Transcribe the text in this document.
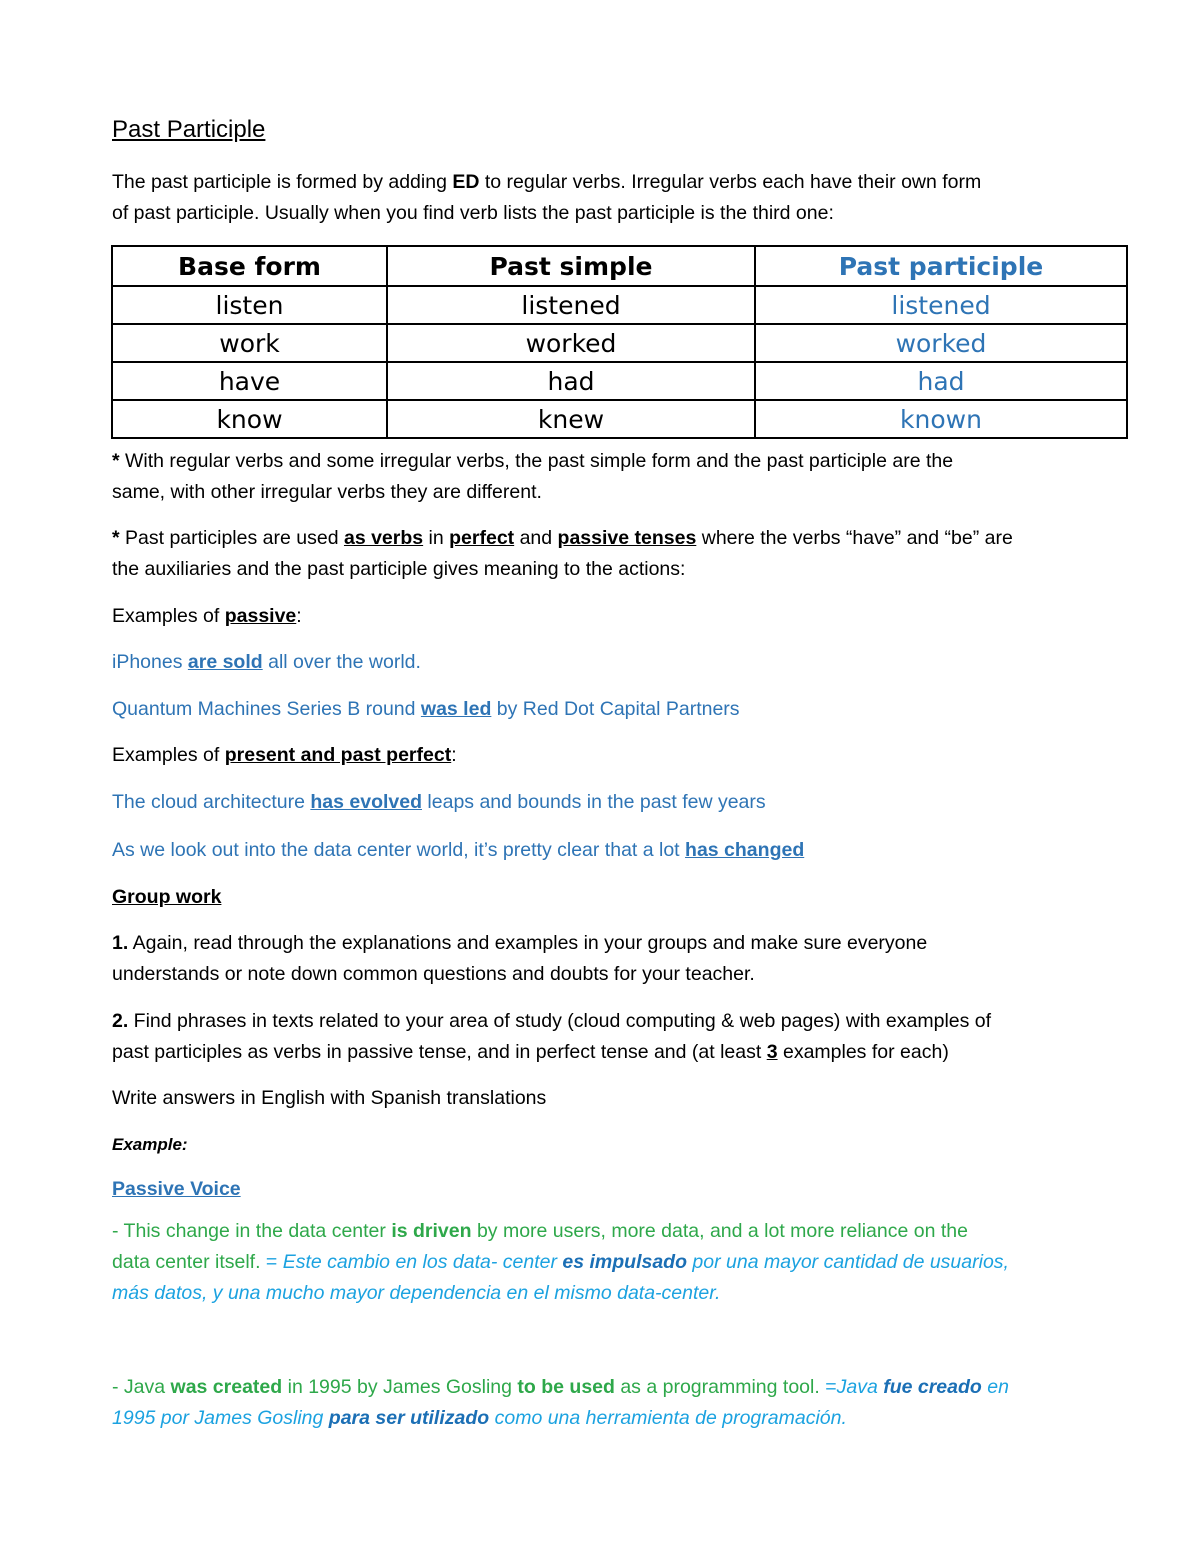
Past Participle
The past participle is formed by adding ED to regular verbs. Irregular verbs each have their own form
of past participle. Usually when you find verb lists the past participle is the third one:
Base form	Past simple	Past participle
listen	listened	listened
work	worked	worked
have	had	had
know	knew	known
* With regular verbs and some irregular verbs, the past simple form and the past participle are the
same, with other irregular verbs they are different.
* Past participles are used as verbs in perfect and passive tenses where the verbs “have” and “be” are
the auxiliaries and the past participle gives meaning to the actions:
Examples of passive:
iPhones are sold all over the world.
Quantum Machines Series B round was led by Red Dot Capital Partners
Examples of present and past perfect:
The cloud architecture has evolved leaps and bounds in the past few years
As we look out into the data center world, it’s pretty clear that a lot has changed
Group work
1. Again, read through the explanations and examples in your groups and make sure everyone
understands or note down common questions and doubts for your teacher.
2. Find phrases in texts related to your area of study (cloud computing & web pages) with examples of
past participles as verbs in passive tense, and in perfect tense and (at least 3 examples for each)
Write answers in English with Spanish translations
Example:
Passive Voice
- This change in the data center is driven by more users, more data, and a lot more reliance on the
data center itself. = Este cambio en los data- center es impulsado por una mayor cantidad de usuarios,
más datos, y una mucho mayor dependencia en el mismo data-center.
- Java was created in 1995 by James Gosling to be used as a programming tool. =Java fue creado en
1995 por James Gosling para ser utilizado como una herramienta de programación.
